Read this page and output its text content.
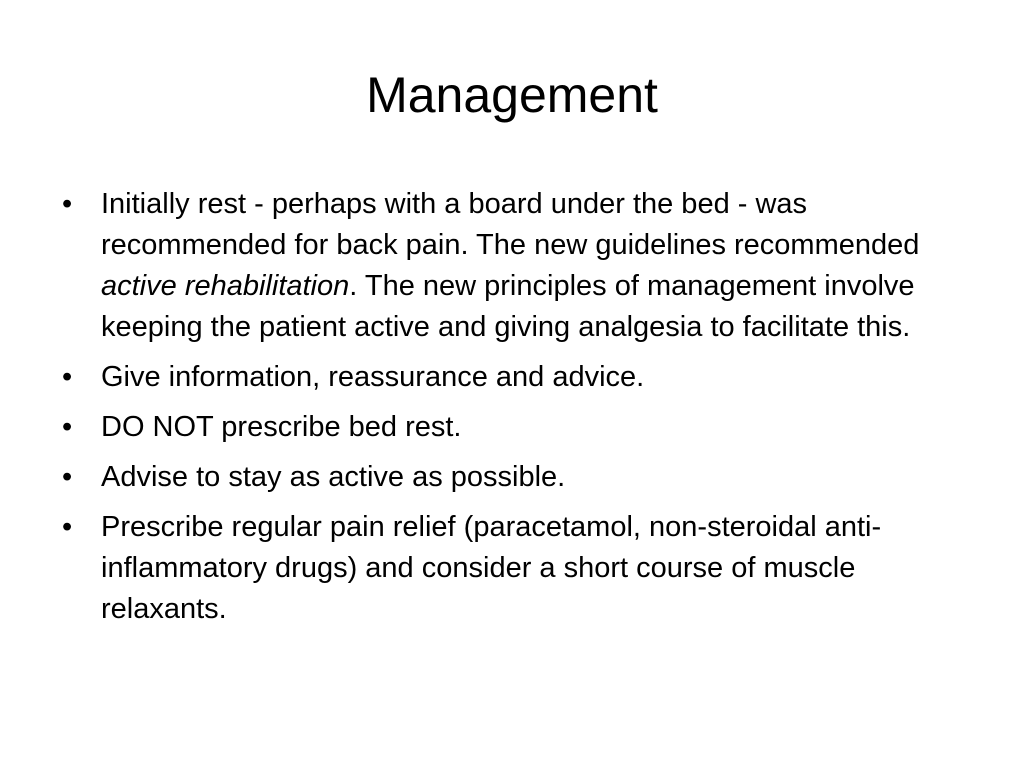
Management
• Initially rest - perhaps with a board under the bed - was recommended for back pain. The new guidelines recommended active rehabilitation. The new principles of management involve keeping the patient active and giving analgesia to facilitate this.
• Give information, reassurance and advice.
• DO NOT prescribe bed rest.
• Advise to stay as active as possible.
• Prescribe regular pain relief (paracetamol, non-steroidal anti-inflammatory drugs) and consider a short course of muscle relaxants.
